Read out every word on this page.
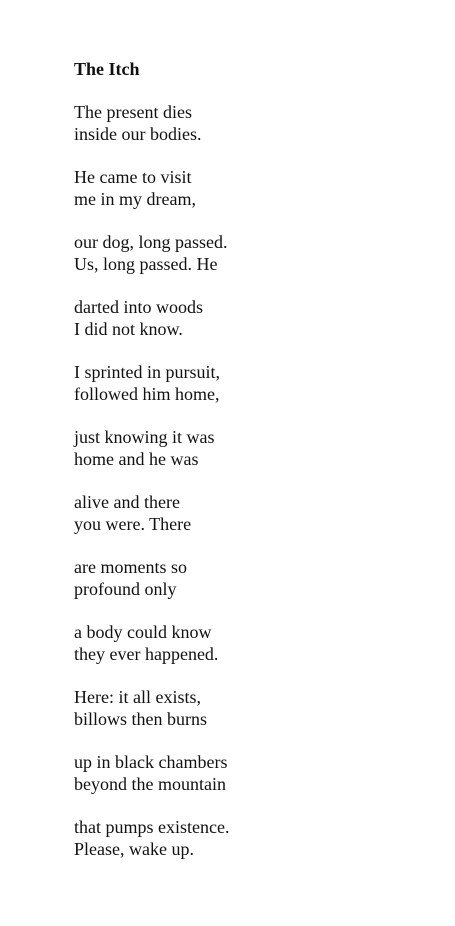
The Itch
The present dies
inside our bodies.
He came to visit
me in my dream,
our dog, long passed.
Us, long passed. He
darted into woods
I did not know.
I sprinted in pursuit,
followed him home,
just knowing it was
home and he was
alive and there
you were. There
are moments so
profound only
a body could know
they ever happened.
Here: it all exists,
billows then burns
up in black chambers
beyond the mountain
that pumps existence.
Please, wake up.
